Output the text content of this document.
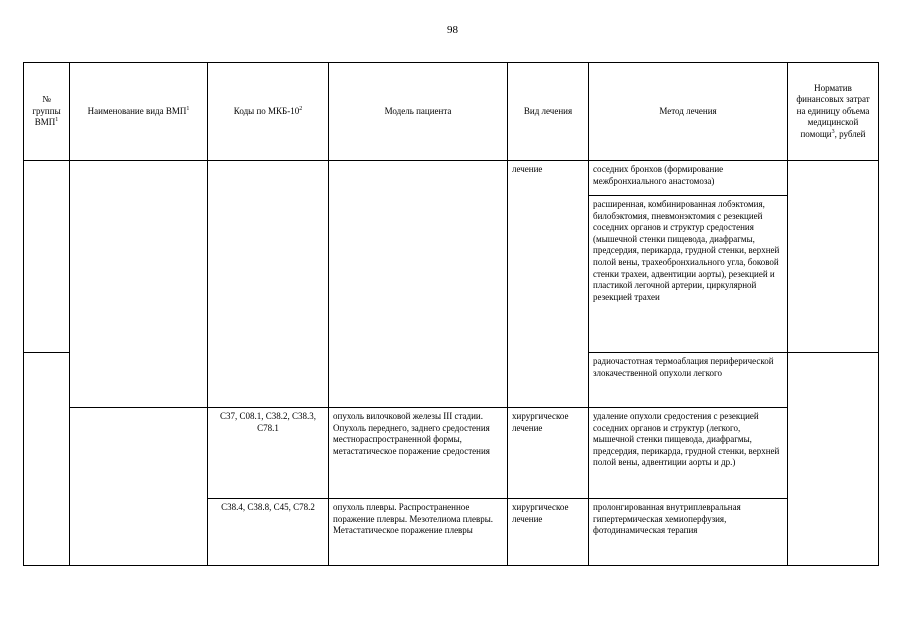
98
№ группы ВМП$^1$	Наименование вида ВМП$^1$	Коды по МКБ-$10^2$	Модель пациента	Вид лечения	Метод лечения	Норматив финансовых затрат на единицу объема медицинской помощи$^3$, рублей
				лечение	соседних бронхов (формирование межбронхиального анастомоза)	
					расширенная, комбинированная лобэктомия, билобэктомия, пневмонэктомия с резекцией соседних органов и структур средостения (мышечной стенки пищевода, диафрагмы, предсердия, перикарда, грудной стенки, верхней полой вены, трахеобронхиального угла, боковой стенки трахеи, адвентиции аорты), резекцией и пластикой легочной артерии, циркулярной резекцией трахеи	
					радиочастотная термоаблация периферической злокачественной опухоли легкого	
		C37, C08.1, C38.2, C38.3, C78.1	опухоль вилочковой железы III стадии. Опухоль переднего, заднего средостения местнораспространенной формы, метастатическое поражение средостения	хирургическое лечение	удаление опухоли средостения с резекцией соседних органов и структур (легкого, мышечной стенки пищевода, диафрагмы, предсердия, перикарда, грудной стенки, верхней полой вены, адвентиции аорты и др.)	
		C38.4, C38.8, C45, C78.2	опухоль плевры. Распространенное поражение плевры. Мезотелиома плевры. Метастатическое поражение плевры	хирургическое лечение	пролонгированная внутриплевральная гипертермическая хемиоперфузия, фотодинамическая терапия	
